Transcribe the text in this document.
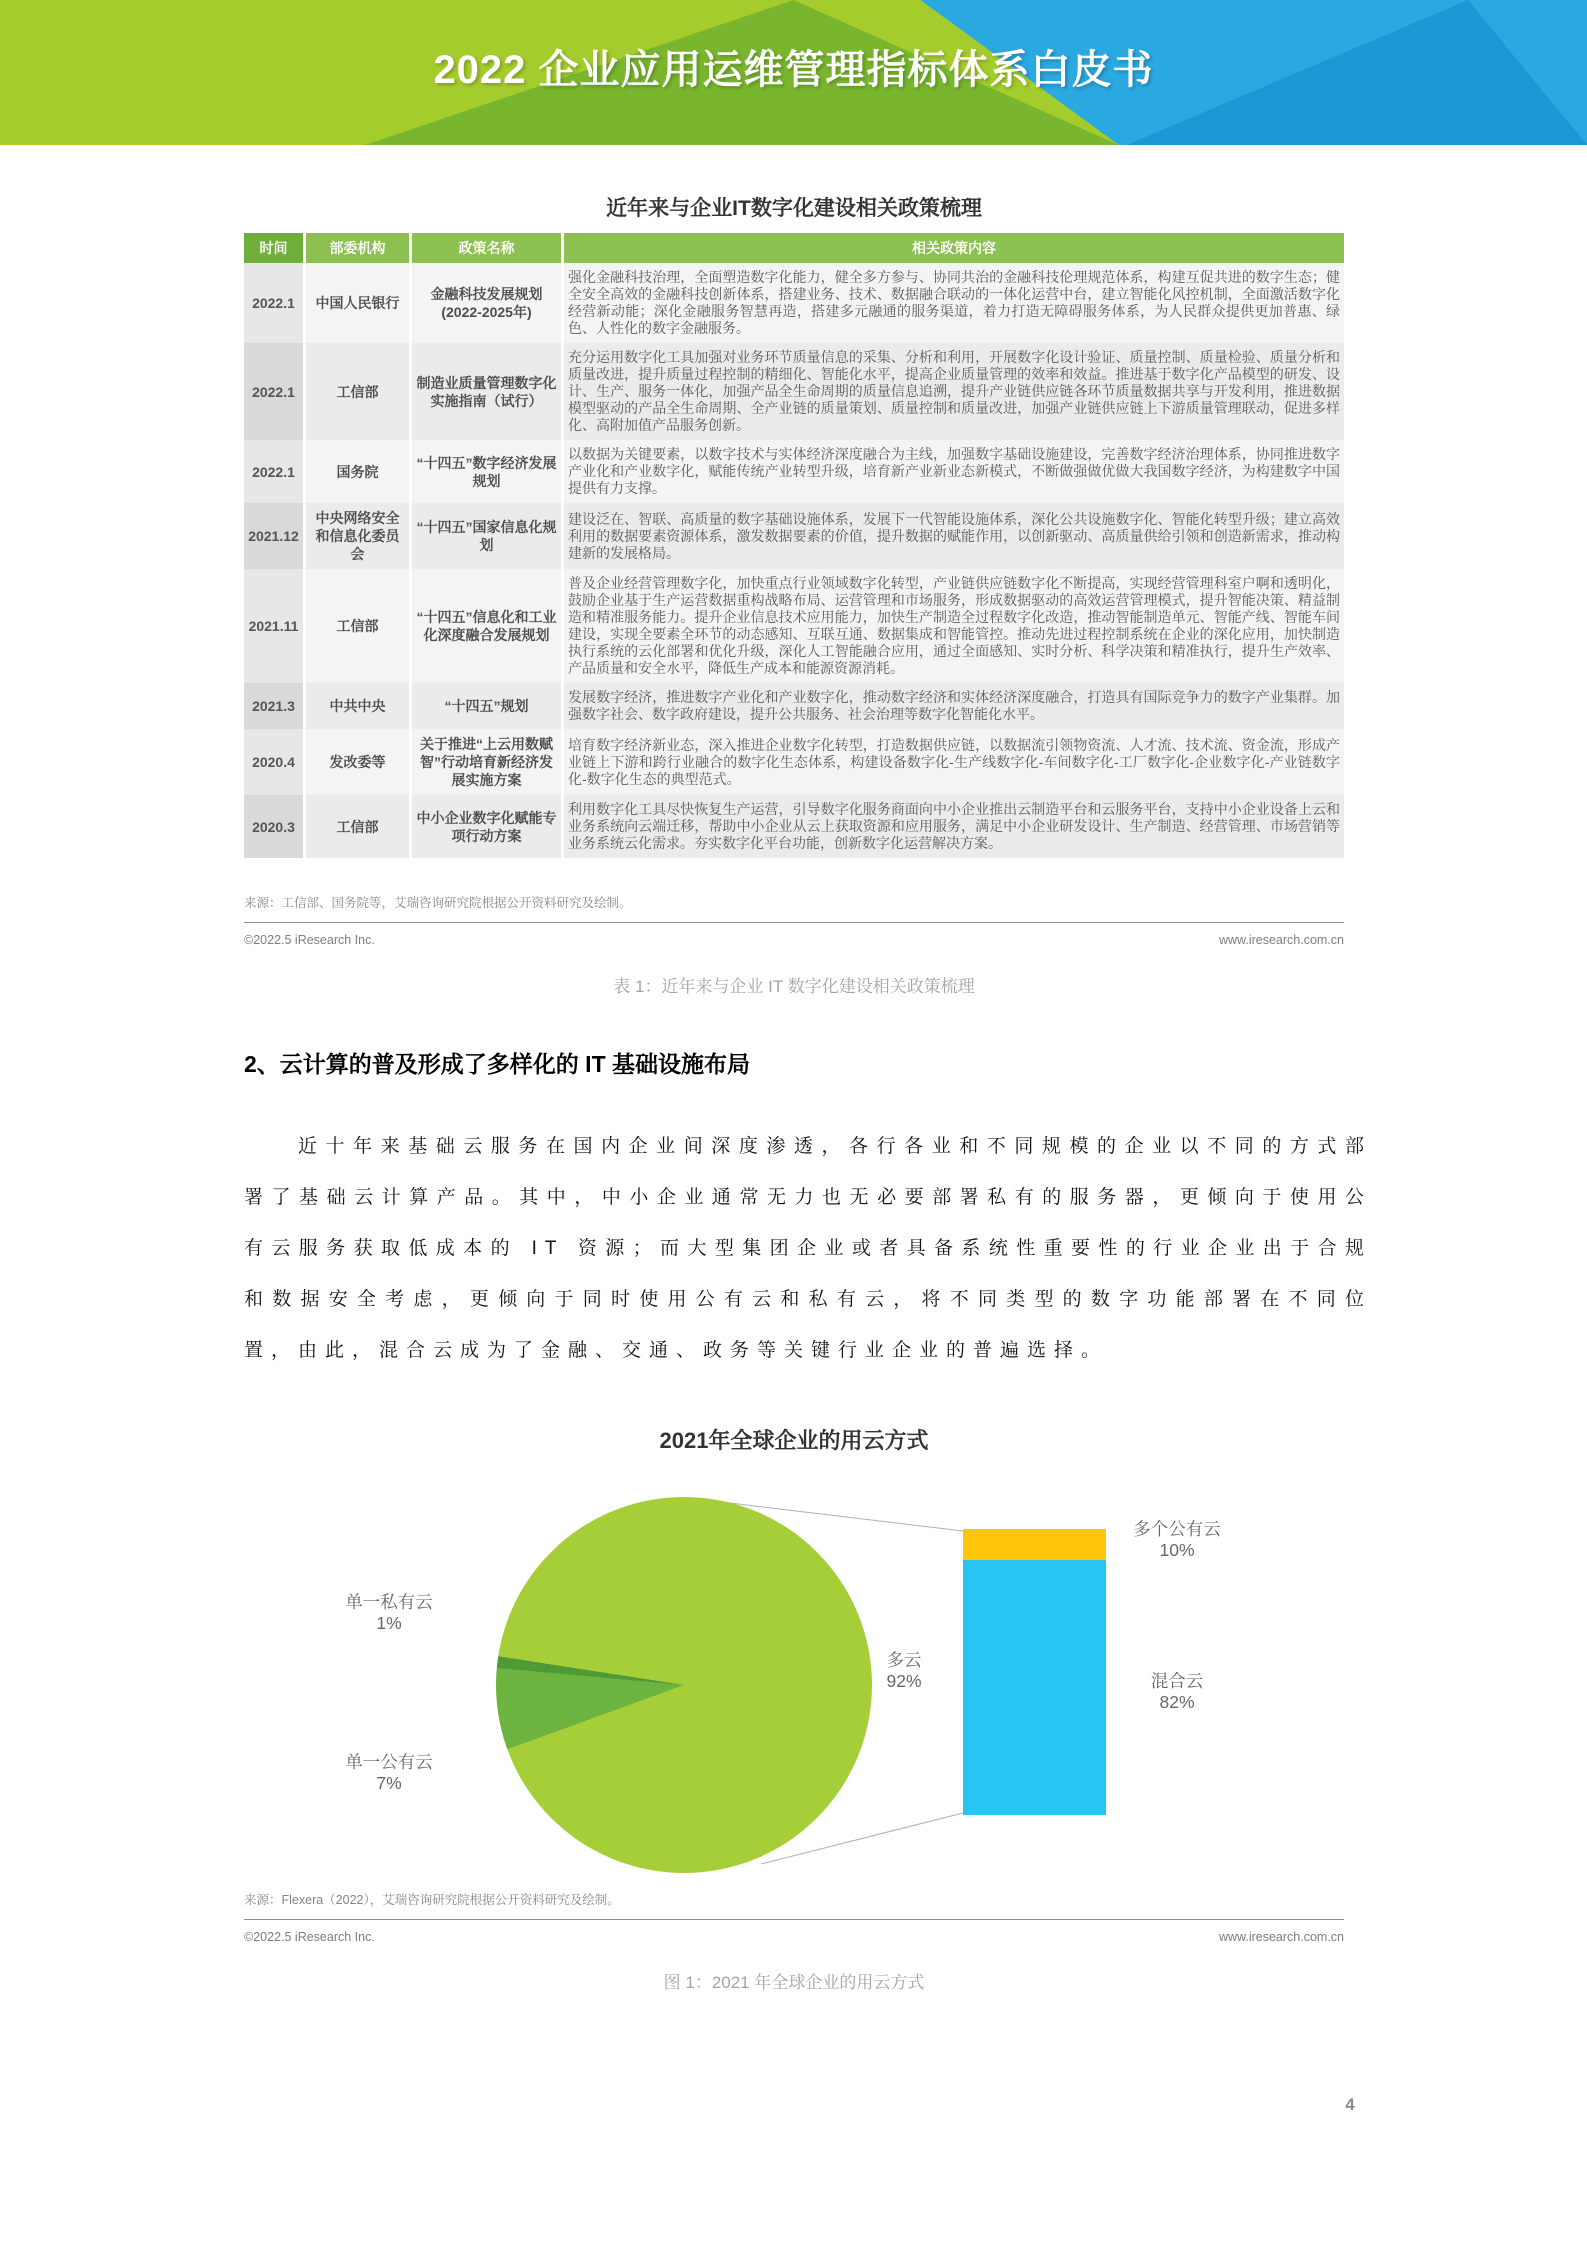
2022 企业应用运维管理指标体系白皮书
近年来与企业IT数字化建设相关政策梳理
时间	部委机构	政策名称	相关政策内容
2022.1	中国人民银行	金融科技发展规划(2022-2025年)	强化金融科技治理，全面塑造数字化能力，健全多方参与、协同共治的金融科技伦理规范体系，构建互促共进的数字生态；健全安全高效的金融科技创新体系，搭建业务、技术、数据融合联动的一体化运营中台，建立智能化风控机制，全面激活数字化经营新动能；深化金融服务智慧再造，搭建多元融通的服务渠道，着力打造无障碍服务体系，为人民群众提供更加普惠、绿色、人性化的数字金融服务。
2022.1	工信部	制造业质量管理数字化实施指南（试行）	充分运用数字化工具加强对业务环节质量信息的采集、分析和利用，开展数字化设计验证、质量控制、质量检验、质量分析和质量改进，提升质量过程控制的精细化、智能化水平，提高企业质量管理的效率和效益。推进基于数字化产品模型的研发、设计、生产、服务一体化，加强产品全生命周期的质量信息追溯，提升产业链供应链各环节质量数据共享与开发利用，推进数据模型驱动的产品全生命周期、全产业链的质量策划、质量控制和质量改进，加强产业链供应链上下游质量管理联动，促进多样化、高附加值产品服务创新。
2022.1	国务院	“十四五”数字经济发展规划	以数据为关键要素，以数字技术与实体经济深度融合为主线，加强数字基础设施建设，完善数字经济治理体系，协同推进数字产业化和产业数字化，赋能传统产业转型升级，培育新产业新业态新模式，不断做强做优做大我国数字经济，为构建数字中国提供有力支撑。
2021.12	中央网络安全和信息化委员会	“十四五”国家信息化规划	建设泛在、智联、高质量的数字基础设施体系，发展下一代智能设施体系，深化公共设施数字化、智能化转型升级；建立高效利用的数据要素资源体系，激发数据要素的价值，提升数据的赋能作用，以创新驱动、高质量供给引领和创造新需求，推动构建新的发展格局。
2021.11	工信部	“十四五”信息化和工业化深度融合发展规划	普及企业经营管理数字化，加快重点行业领域数字化转型，产业链供应链数字化不断提高，实现经营管理科室户啊和透明化，鼓励企业基于生产运营数据重构战略布局、运营管理和市场服务，形成数据驱动的高效运营管理模式，提升智能决策、精益制造和精准服务能力。提升企业信息技术应用能力，加快生产制造全过程数字化改造，推动智能制造单元、智能产线、智能车间建设，实现全要素全环节的动态感知、互联互通、数据集成和智能管控。推动先进过程控制系统在企业的深化应用，加快制造执行系统的云化部署和优化升级，深化人工智能融合应用，通过全面感知、实时分析、科学决策和精准执行，提升生产效率、产品质量和安全水平，降低生产成本和能源资源消耗。
2021.3	中共中央	“十四五”规划	发展数字经济，推进数字产业化和产业数字化，推动数字经济和实体经济深度融合，打造具有国际竞争力的数字产业集群。加强数字社会、数字政府建设，提升公共服务、社会治理等数字化智能化水平。
2020.4	发改委等	关于推进“上云用数赋智”行动培育新经济发展实施方案	培育数字经济新业态，深入推进企业数字化转型，打造数据供应链，以数据流引领物资流、人才流、技术流、资金流，形成产业链上下游和跨行业融合的数字化生态体系，构建设备数字化-生产线数字化-车间数字化-工厂数字化-企业数字化-产业链数字化-数字化生态的典型范式。
2020.3	工信部	中小企业数字化赋能专项行动方案	利用数字化工具尽快恢复生产运营，引导数字化服务商面向中小企业推出云制造平台和云服务平台，支持中小企业设备上云和业务系统向云端迁移，帮助中小企业从云上获取资源和应用服务，满足中小企业研发设计、生产制造、经营管理、市场营销等业务系统云化需求。夯实数字化平台功能，创新数字化运营解决方案。
来源：工信部、国务院等，艾瑞咨询研究院根据公开资料研究及绘制。
©2022.5 iResearch Inc.	www.iresearch.com.cn
表 1：近年来与企业 IT 数字化建设相关政策梳理
2、云计算的普及形成了多样化的 IT 基础设施布局
近十年来基础云服务在国内企业间深度渗透，各行各业和不同规模的企业以不同的方式部署了基础云计算产品。其中，中小企业通常无力也无必要部署私有的服务器，更倾向于使用公有云服务获取低成本的 IT 资源；而大型集团企业或者具备系统性重要性的行业企业出于合规和数据安全考虑，更倾向于同时使用公有云和私有云，将不同类型的数字功能部署在不同位置，由此，混合云成为了金融、交通、政务等关键行业企业的普遍选择。
2021年全球企业的用云方式
单一私有云
1%
单一公有云
7%
多云
92%
多个公有云
10%
混合云
82%
来源：Flexera（2022），艾瑞咨询研究院根据公开资料研究及绘制。
©2022.5 iResearch Inc.	www.iresearch.com.cn
图 1：2021 年全球企业的用云方式
4
